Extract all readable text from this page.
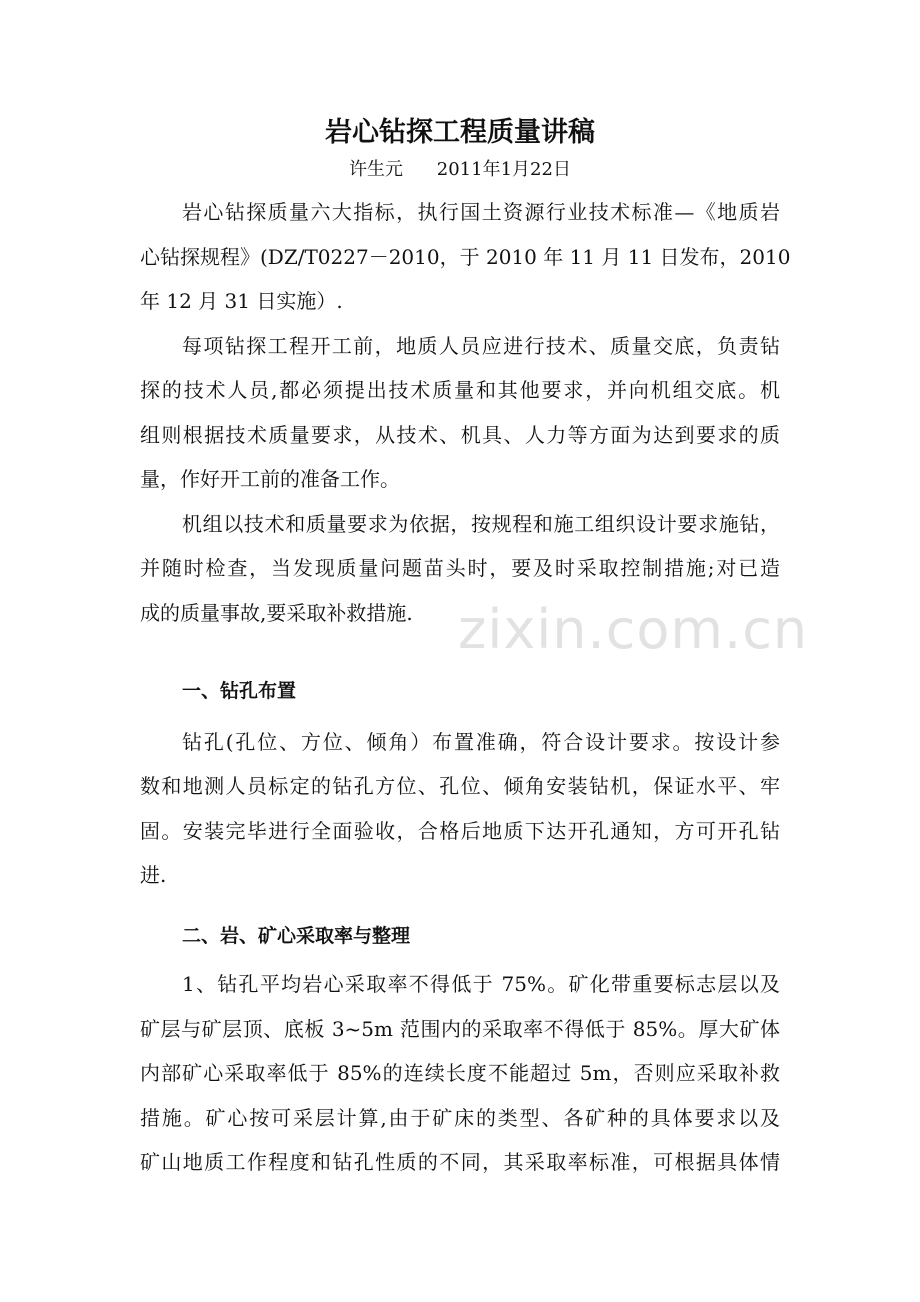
岩心钻探工程质量讲稿
许生元 2011年1月22日
岩心钻探质量六大指标，执行国土资源行业技术标准—《地质岩
心钻探规程》(DZ/T0227－2010，于 2010 年 11 月 11 日发布，2010
年 12 月 31 日实施）.
每项钻探工程开工前，地质人员应进行技术、质量交底，负责钻
探的技术人员,都必须提出技术质量和其他要求，并向机组交底。机
组则根据技术质量要求，从技术、机具、人力等方面为达到要求的质
量，作好开工前的准备工作。
机组以技术和质量要求为依据，按规程和施工组织设计要求施钻，
并随时检查，当发现质量问题苗头时，要及时采取控制措施;对已造
成的质量事故,要采取补救措施.
一、钻孔布置
钻孔(孔位、方位、倾角）布置准确，符合设计要求。按设计参
数和地测人员标定的钻孔方位、孔位、倾角安装钻机，保证水平、牢
固。安装完毕进行全面验收，合格后地质下达开孔通知，方可开孔钻
进.
二、岩、矿心采取率与整理
1、钻孔平均岩心采取率不得低于 75%。矿化带重要标志层以及
矿层与矿层顶、底板 3~5m 范围内的采取率不得低于 85%。厚大矿体
内部矿心采取率低于 85%的连续长度不能超过 5m，否则应采取补救
措施。矿心按可采层计算,由于矿床的类型、各矿种的具体要求以及
矿山地质工作程度和钻孔性质的不同，其采取率标准，可根据具体情
zixin.com.cn
